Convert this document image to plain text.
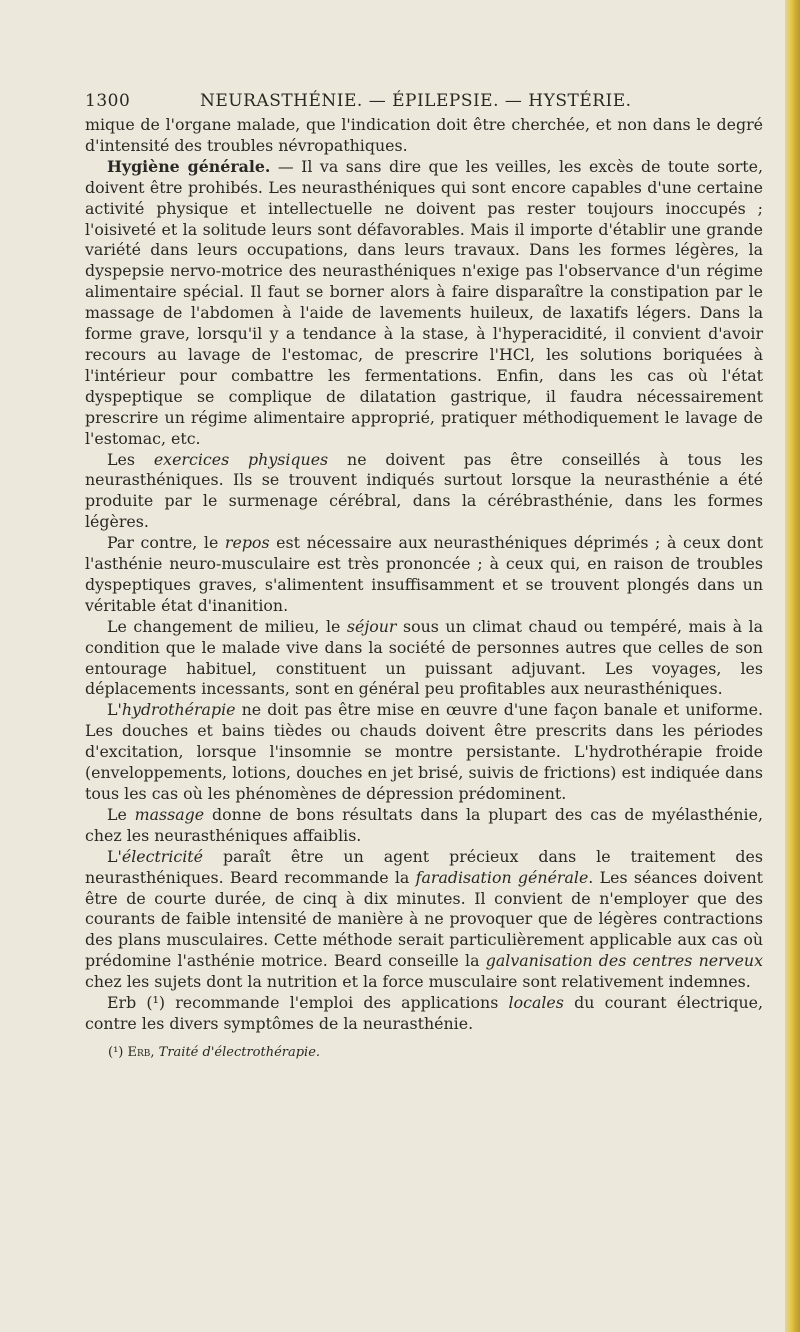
1300	NEURASTHÉNIE. — ÉPILEPSIE. — HYSTÉRIE.

mique de l'organe malade, que l'indication doit être cherchée, et non dans le degré d'intensité des troubles névropathiques.

Hygiène générale. — Il va sans dire que les veilles, les excès de toute sorte, doivent être prohibés. Les neurasthéniques qui sont encore capables d'une certaine activité physique et intellectuelle ne doivent pas rester toujours inoccupés ; l'oisiveté et la solitude leurs sont défavorables. Mais il importe d'établir une grande variété dans leurs occupations, dans leurs travaux. Dans les formes légères, la dyspepsie nervo-motrice des neurasthéniques n'exige pas l'observance d'un régime alimentaire spécial. Il faut se borner alors à faire disparaître la constipation par le massage de l'abdomen à l'aide de lavements huileux, de laxatifs légers. Dans la forme grave, lorsqu'il y a tendance à la stase, à l'hyperacidité, il convient d'avoir recours au lavage de l'estomac, de prescrire l'HCl, les solutions boriquées à l'intérieur pour combattre les fermentations. Enfin, dans les cas où l'état dyspeptique se complique de dilatation gastrique, il faudra nécessairement prescrire un régime alimentaire approprié, pratiquer méthodiquement le lavage de l'estomac, etc.

Les exercices physiques ne doivent pas être conseillés à tous les neurasthéniques. Ils se trouvent indiqués surtout lorsque la neurasthénie a été produite par le surmenage cérébral, dans la cérébrasthénie, dans les formes légères.

Par contre, le repos est nécessaire aux neurasthéniques déprimés ; à ceux dont l'asthénie neuro-musculaire est très prononcée ; à ceux qui, en raison de troubles dyspeptiques graves, s'alimentent insuffisamment et se trouvent plongés dans un véritable état d'inanition.

Le changement de milieu, le séjour sous un climat chaud ou tempéré, mais à la condition que le malade vive dans la société de personnes autres que celles de son entourage habituel, constituent un puissant adjuvant. Les voyages, les déplacements incessants, sont en général peu profitables aux neurasthéniques.

L'hydrothérapie ne doit pas être mise en œuvre d'une façon banale et uniforme. Les douches et bains tièdes ou chauds doivent être prescrits dans les périodes d'excitation, lorsque l'insomnie se montre persistante. L'hydrothérapie froide (enveloppements, lotions, douches en jet brisé, suivis de frictions) est indiquée dans tous les cas où les phénomènes de dépression prédominent.

Le massage donne de bons résultats dans la plupart des cas de myélasthénie, chez les neurasthéniques affaiblis.

L'électricité paraît être un agent précieux dans le traitement des neurasthéniques. Beard recommande la faradisation générale. Les séances doivent être de courte durée, de cinq à dix minutes. Il convient de n'employer que des courants de faible intensité de manière à ne provoquer que de légères contractions des plans musculaires. Cette méthode serait particulièrement applicable aux cas où prédomine l'asthénie motrice. Beard conseille la galvanisation des centres nerveux chez les sujets dont la nutrition et la force musculaire sont relativement indemnes.

Erb (¹) recommande l'emploi des applications locales du courant électrique, contre les divers symptômes de la neurasthénie.

(¹) Erb, Traité d'électrothérapie.
